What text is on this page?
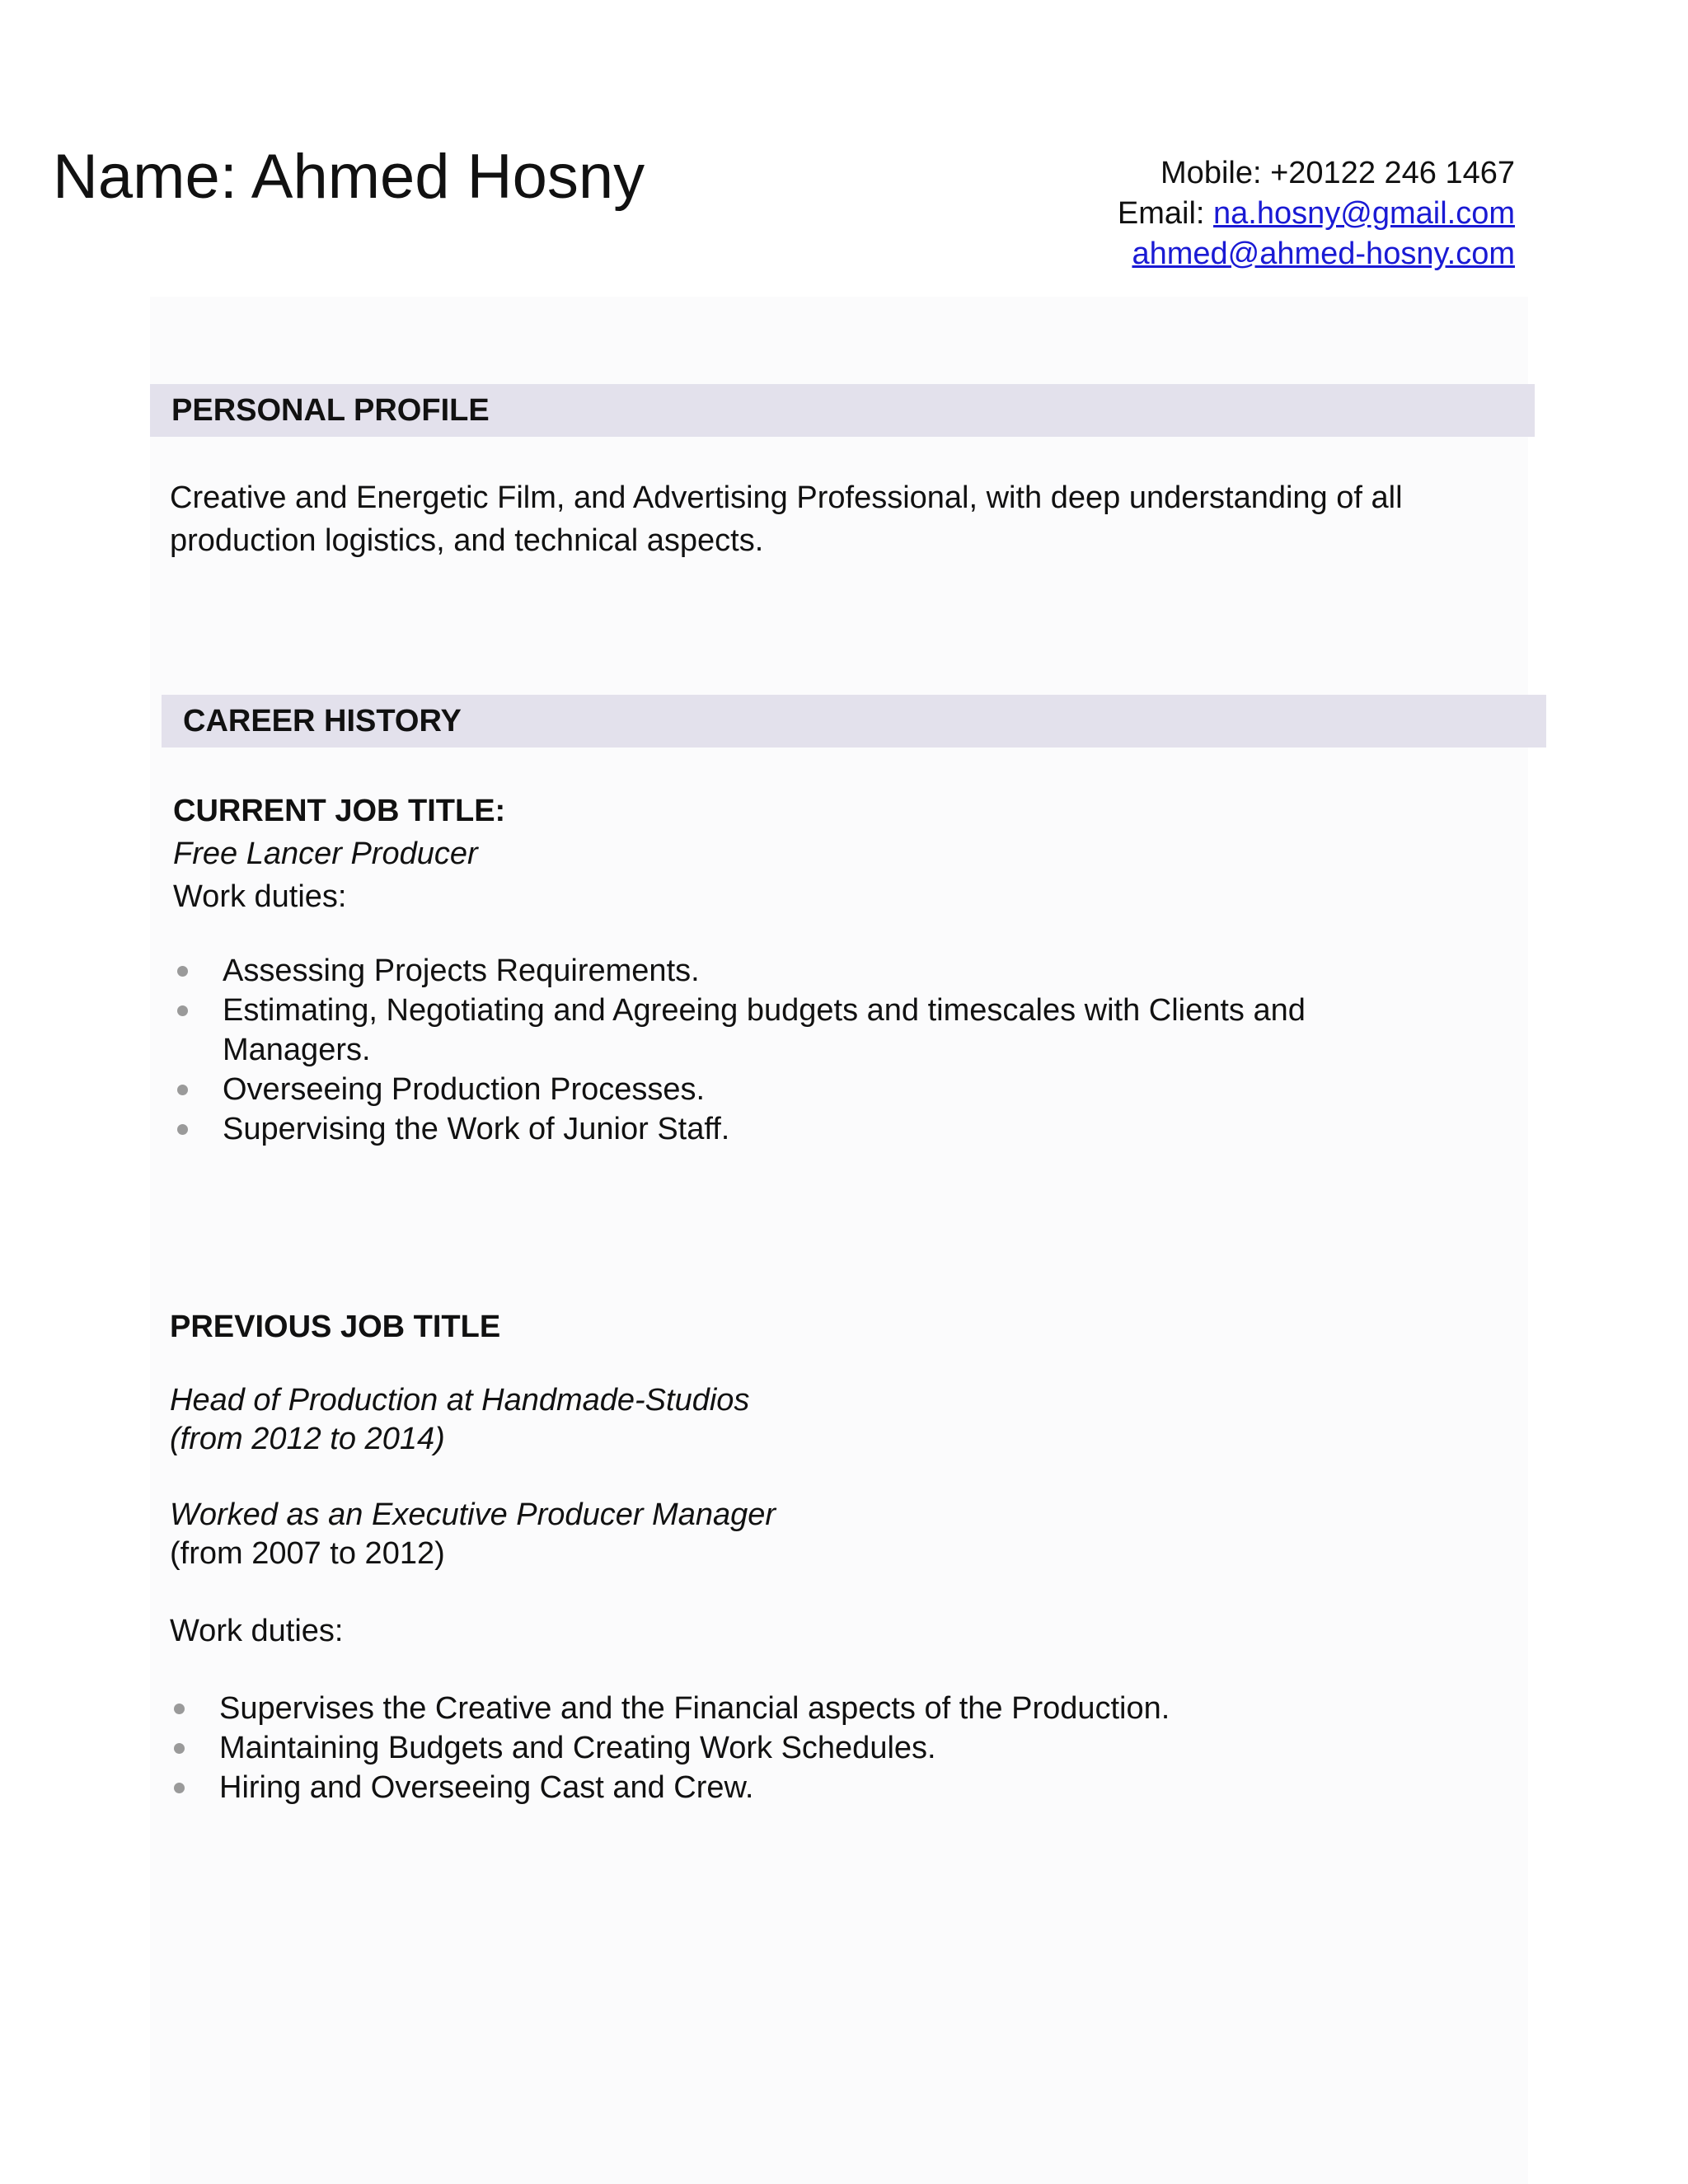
Name: Ahmed Hosny	Mobile: +20122 246 1467
Email: na.hosny@gmail.com
ahmed@ahmed-hosny.com
PERSONAL PROFILE
Creative and Energetic Film, and Advertising Professional, with deep understanding of all
production logistics, and technical aspects.
CAREER HISTORY
CURRENT JOB TITLE:
Free Lancer Producer
Work duties:
Assessing Projects Requirements.
Estimating, Negotiating and Agreeing budgets and timescales with Clients and Managers.
Overseeing Production Processes.
Supervising the Work of Junior Staff.
PREVIOUS JOB TITLE
Head of Production at Handmade-Studios
(from 2012 to 2014)
Worked as an Executive Producer Manager
(from 2007 to 2012)
Work duties:
Supervises the Creative and the Financial aspects of the Production.
Maintaining Budgets and Creating Work Schedules.
Hiring and Overseeing Cast and Crew.
